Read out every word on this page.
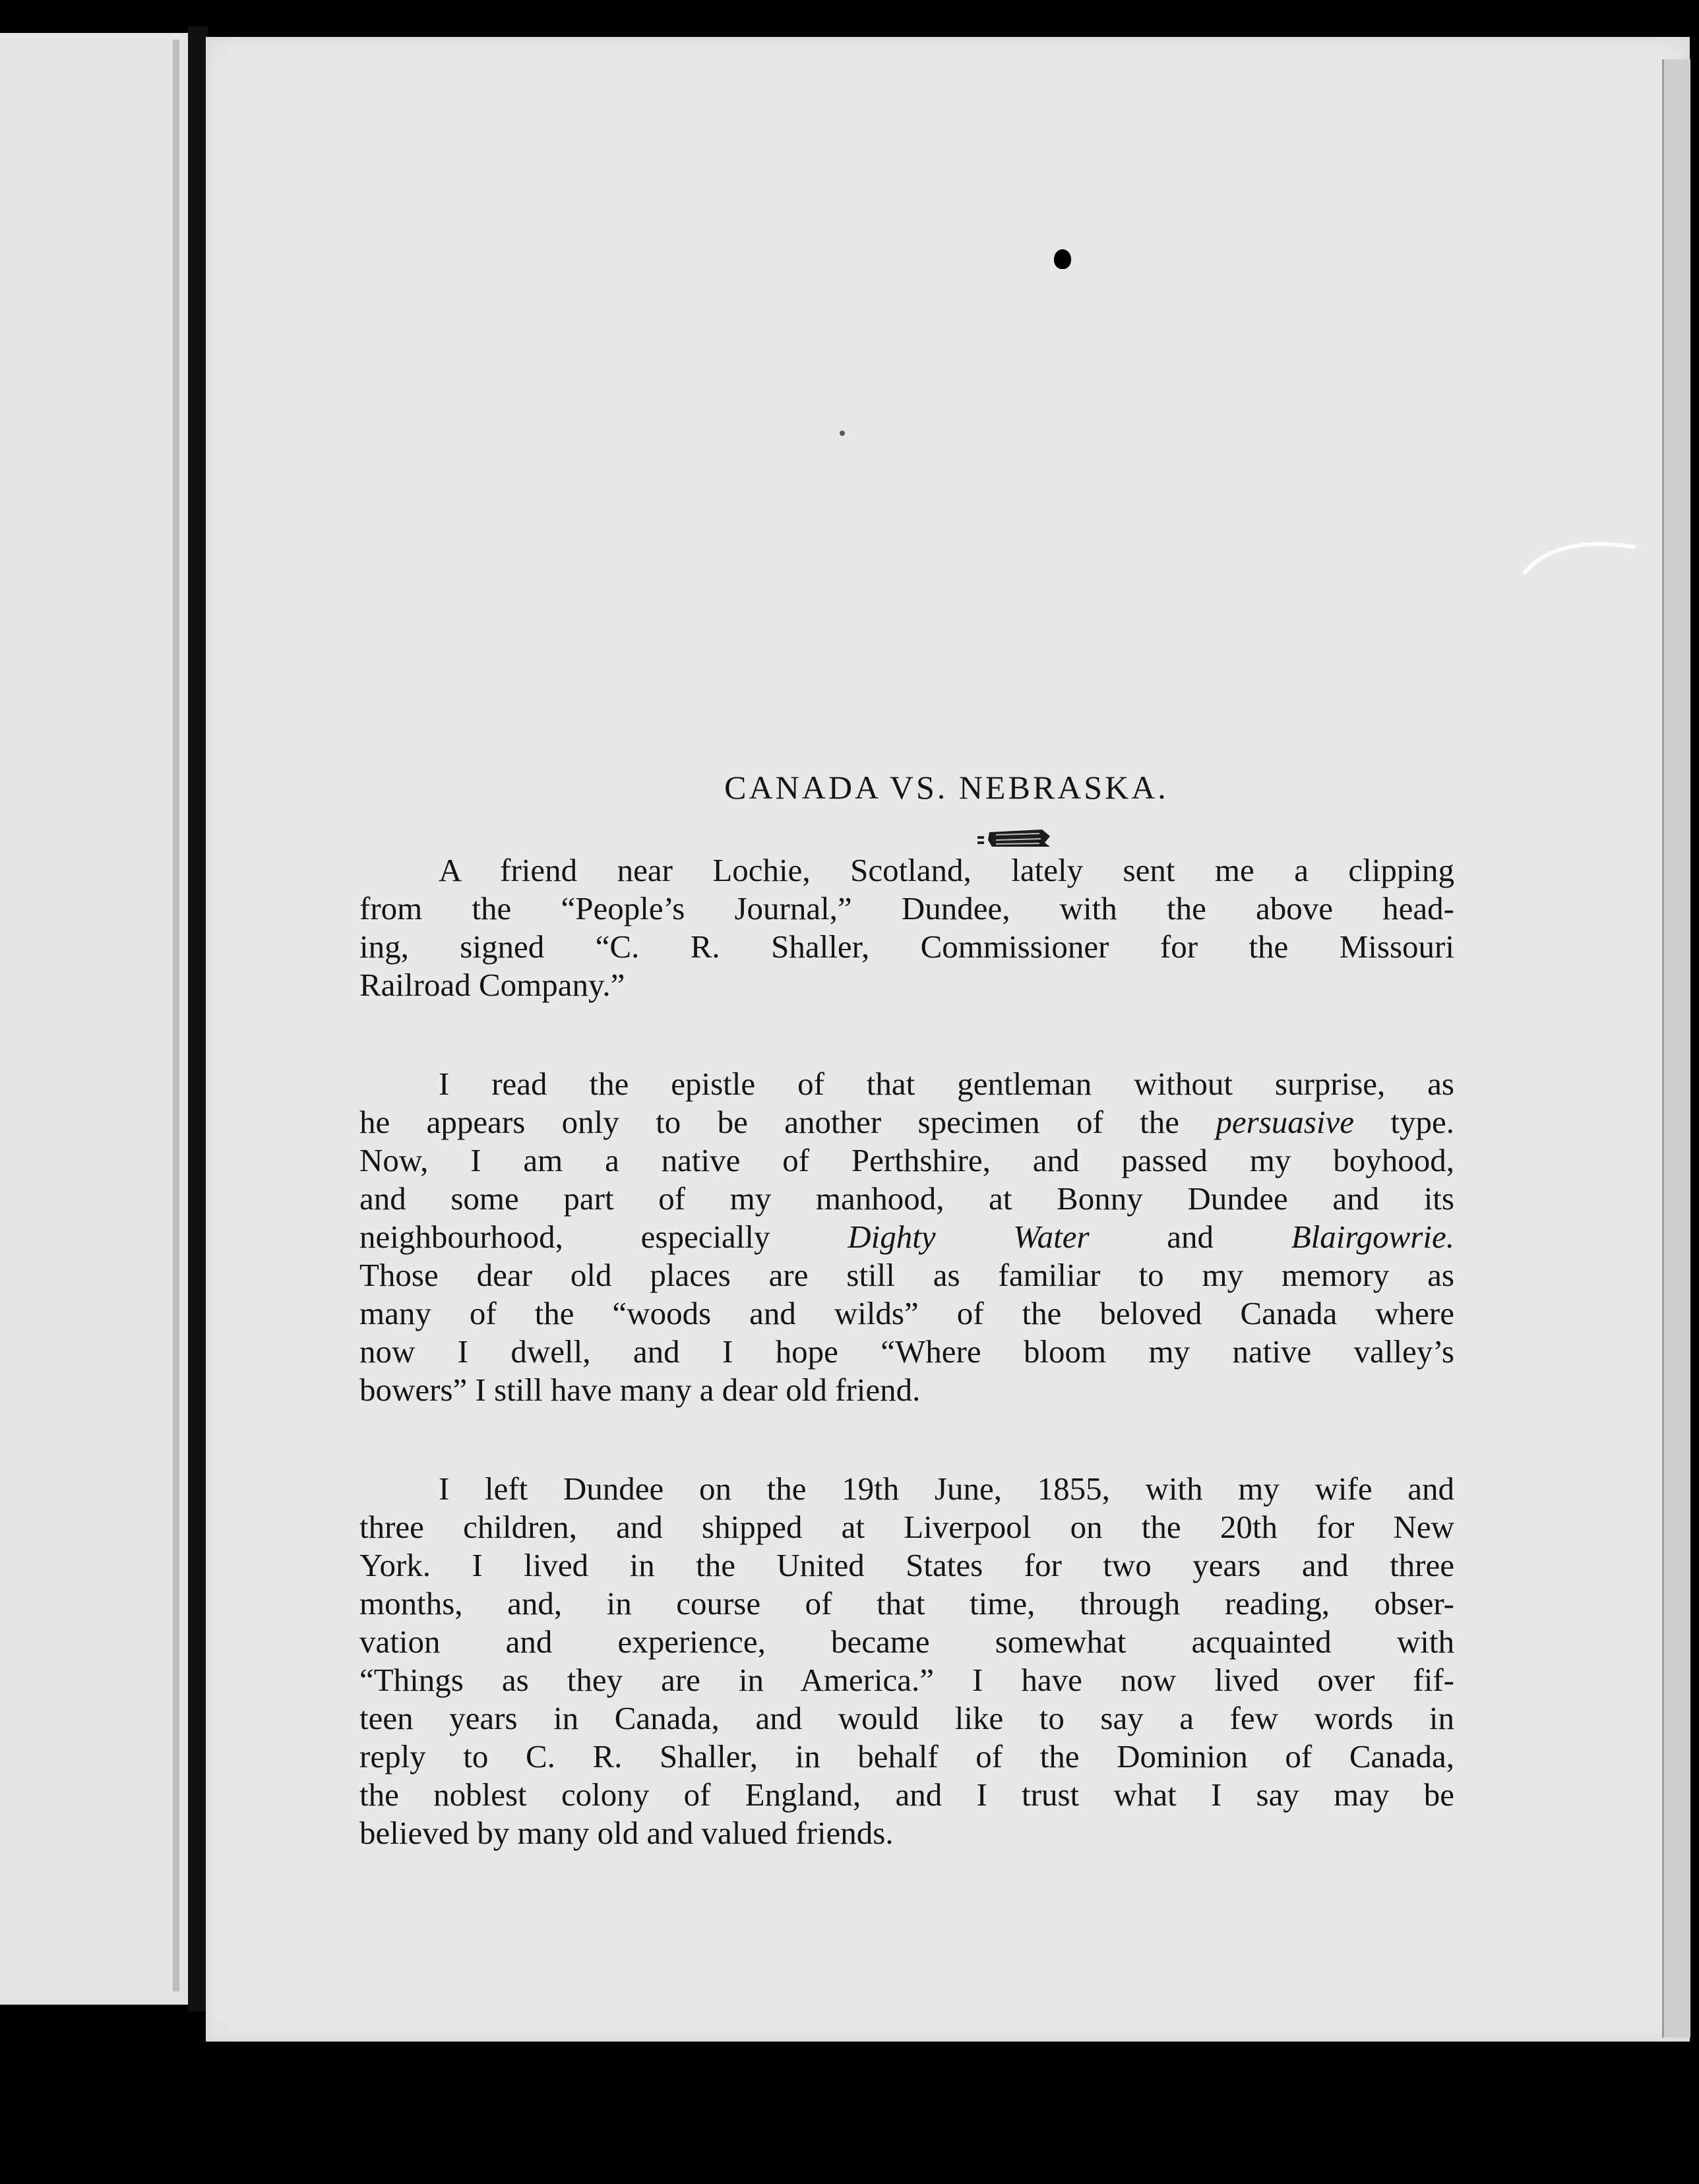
CANADA VS. NEBRASKA.
A friend near Lochie, Scotland, lately sent me a clipping
from the “People’s Journal,” Dundee, with the above head-
ing, signed “C. R. Shaller, Commissioner for the Missouri
Railroad Company.”
I read the epistle of that gentleman without surprise, as
he appears only to be another specimen of the persuasive type.
Now, I am a native of Perthshire, and passed my boyhood,
and some part of my manhood, at Bonny Dundee and its
neighbourhood, especially Dighty Water and Blairgowrie.
Those dear old places are still as familiar to my memory as
many of the “woods and wilds” of the beloved Canada where
now I dwell, and I hope “Where bloom my native valley’s
bowers” I still have many a dear old friend.
I left Dundee on the 19th June, 1855, with my wife and
three children, and shipped at Liverpool on the 20th for New
York. I lived in the United States for two years and three
months, and, in course of that time, through reading, obser-
vation and experience, became somewhat acquainted with
“Things as they are in America.” I have now lived over fif-
teen years in Canada, and would like to say a few words in
reply to C. R. Shaller, in behalf of the Dominion of Canada,
the noblest colony of England, and I trust what I say may be
believed by many old and valued friends.
